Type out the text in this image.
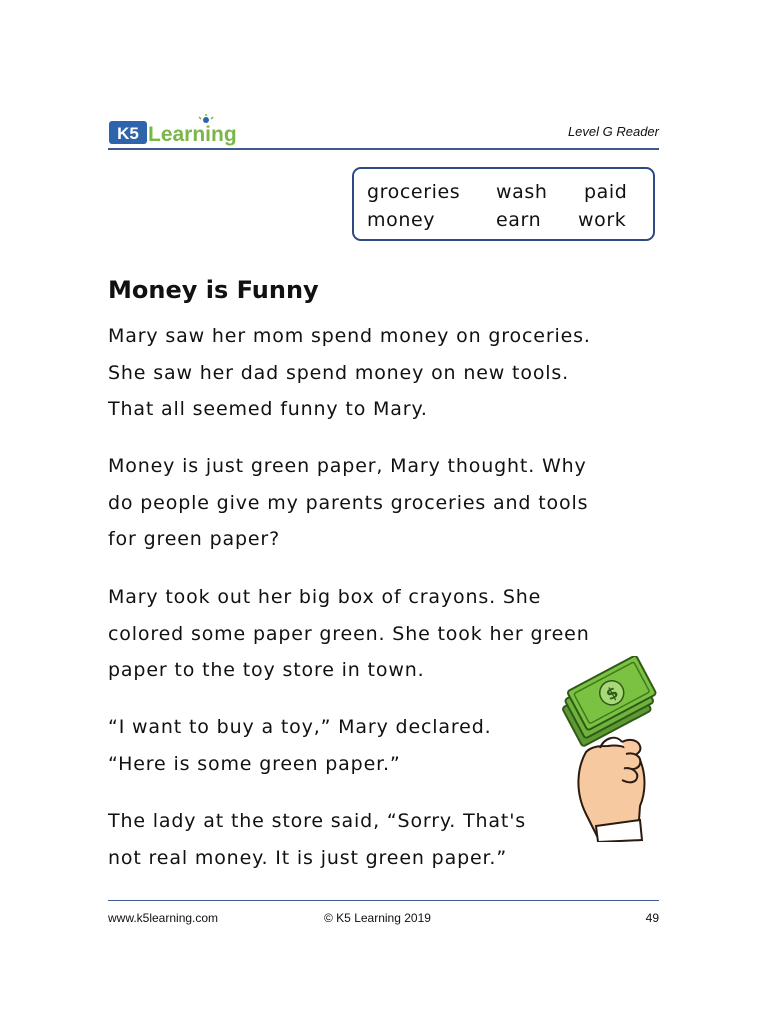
K5 Learning	Level G Reader
groceries wash paid
money	earn work
Money is Funny
Mary saw her mom spend money on groceries.
She saw her dad spend money on new tools.
That all seemed funny to Mary.
Money is just green paper, Mary thought. Why
do people give my parents groceries and tools
for green paper?
Mary took out her big box of crayons. She
colored some paper green. She took her green
paper to the toy store in town.
“I want to buy a toy,” Mary declared.
“Here is some green paper.”
The lady at the store said, “Sorry. That's
not real money. It is just green paper.”
$
www.k5learning.com	© K5 Learning 2019	49
